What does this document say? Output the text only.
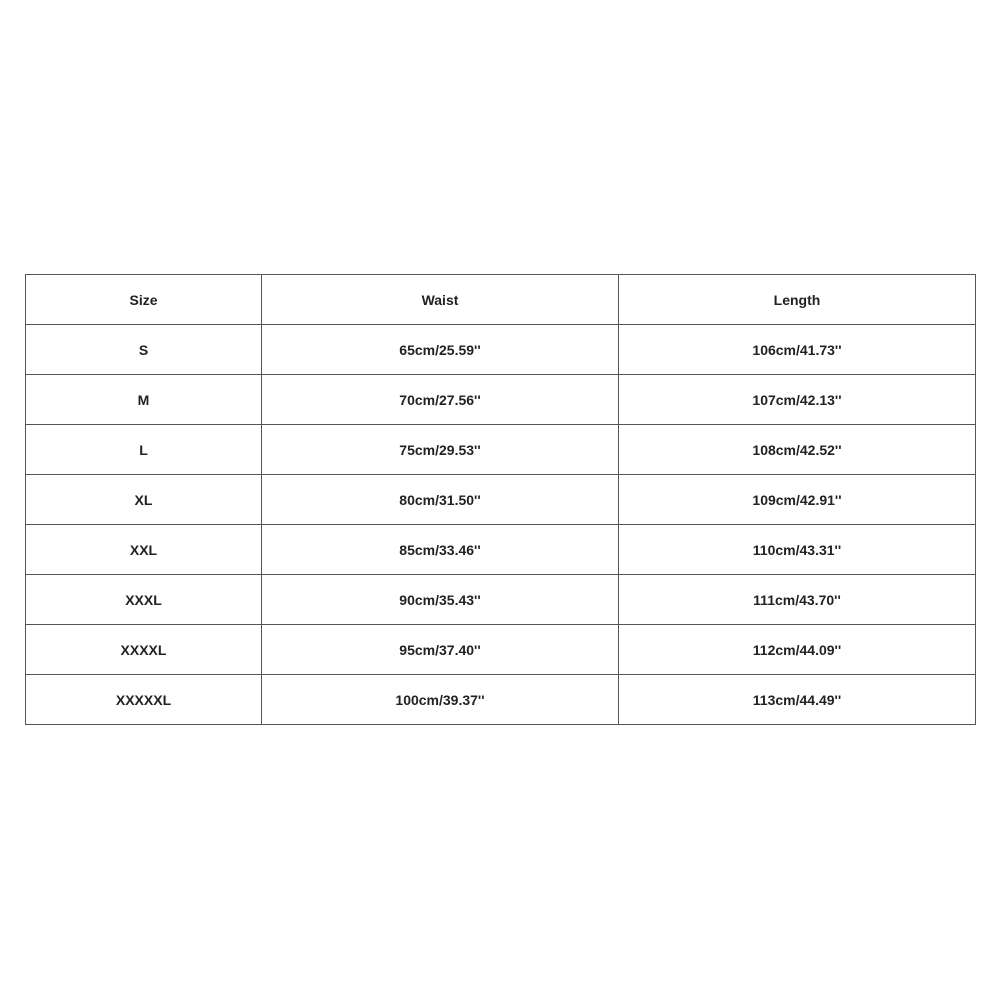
Size	Waist	Length
S	65cm/25.59''	106cm/41.73''
M	70cm/27.56''	107cm/42.13''
L	75cm/29.53''	108cm/42.52''
XL	80cm/31.50''	109cm/42.91''
XXL	85cm/33.46''	110cm/43.31''
XXXL	90cm/35.43''	111cm/43.70''
XXXXL	95cm/37.40''	112cm/44.09''
XXXXXL	100cm/39.37''	113cm/44.49''
